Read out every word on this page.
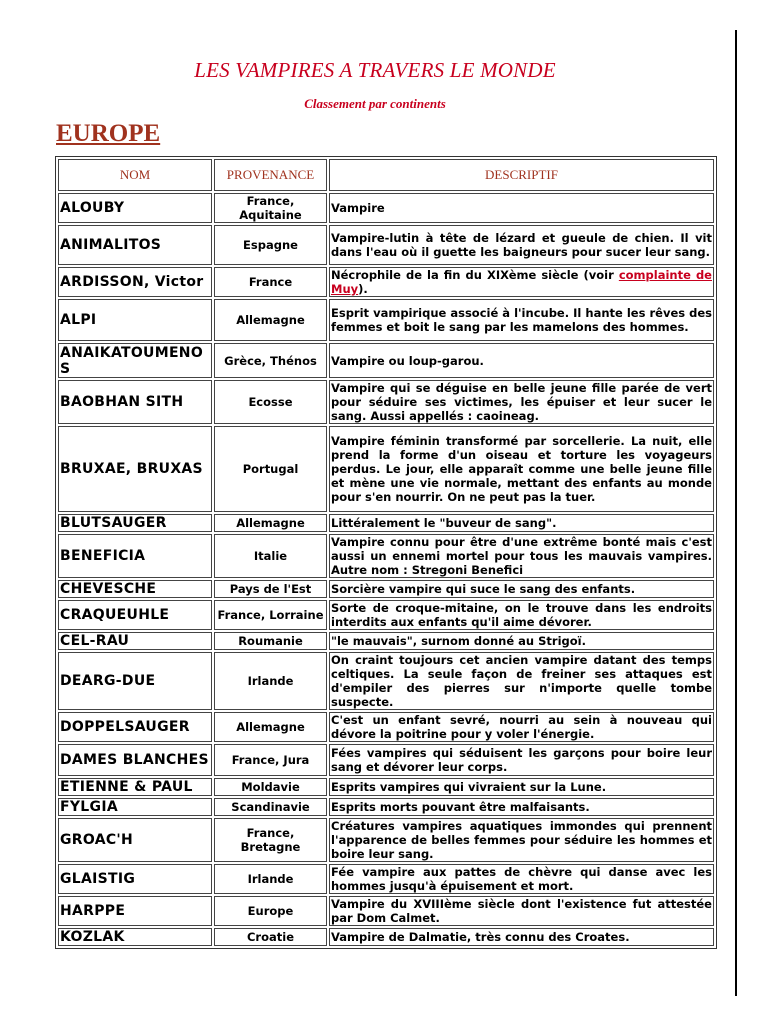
LES VAMPIRES A TRAVERS LE MONDE
Classement par continents
EUROPE
NOM	PROVENANCE	DESCRIPTIF
ALOUBY	France, Aquitaine	Vampire
ANIMALITOS	Espagne	Vampire-lutin à tête de lézard et gueule de chien. Il vit dans l'eau où il guette les baigneurs pour sucer leur sang.
ARDISSON, Victor	France	Nécrophile de la fin du XIXème siècle (voir complainte de Muy).
ALPI	Allemagne	Esprit vampirique associé à l'incube. Il hante les rêves des femmes et boit le sang par les mamelons des hommes.
ANAIKATOUMENOS	Grèce, Thénos	Vampire ou loup-garou.
BAOBHAN SITH	Ecosse	Vampire qui se déguise en belle jeune fille parée de vert pour séduire ses victimes, les épuiser et leur sucer le sang. Aussi appellés : caoineag.
BRUXAE, BRUXAS	Portugal	Vampire féminin transformé par sorcellerie. La nuit, elle prend la forme d'un oiseau et torture les voyageurs perdus. Le jour, elle apparaît comme une belle jeune fille et mène une vie normale, mettant des enfants au monde pour s'en nourrir. On ne peut pas la tuer.
BLUTSAUGER	Allemagne	Littéralement le "buveur de sang".
BENEFICIA	Italie	Vampire connu pour être d'une extrême bonté mais c'est aussi un ennemi mortel pour tous les mauvais vampires. Autre nom : Stregoni Benefici
CHEVESCHE	Pays de l'Est	Sorcière vampire qui suce le sang des enfants.
CRAQUEUHLE	France, Lorraine	Sorte de croque-mitaine, on le trouve dans les endroits interdits aux enfants qu'il aime dévorer.
CEL-RAU	Roumanie	"le mauvais", surnom donné au Strigoï.
DEARG-DUE	Irlande	On craint toujours cet ancien vampire datant des temps celtiques. La seule façon de freiner ses attaques est d'empiler des pierres sur n'importe quelle tombe suspecte.
DOPPELSAUGER	Allemagne	C'est un enfant sevré, nourri au sein à nouveau qui dévore la poitrine pour y voler l'énergie.
DAMES BLANCHES	France, Jura	Fées vampires qui séduisent les garçons pour boire leur sang et dévorer leur corps.
ETIENNE & PAUL	Moldavie	Esprits vampires qui vivraient sur la Lune.
FYLGIA	Scandinavie	Esprits morts pouvant être malfaisants.
GROAC'H	France, Bretagne	Créatures vampires aquatiques immondes qui prennent l'apparence de belles femmes pour séduire les hommes et boire leur sang.
GLAISTIG	Irlande	Fée vampire aux pattes de chèvre qui danse avec les hommes jusqu'à épuisement et mort.
HARPPE	Europe	Vampire du XVIIIème siècle dont l'existence fut attestée par Dom Calmet.
KOZLAK	Croatie	Vampire de Dalmatie, très connu des Croates.
